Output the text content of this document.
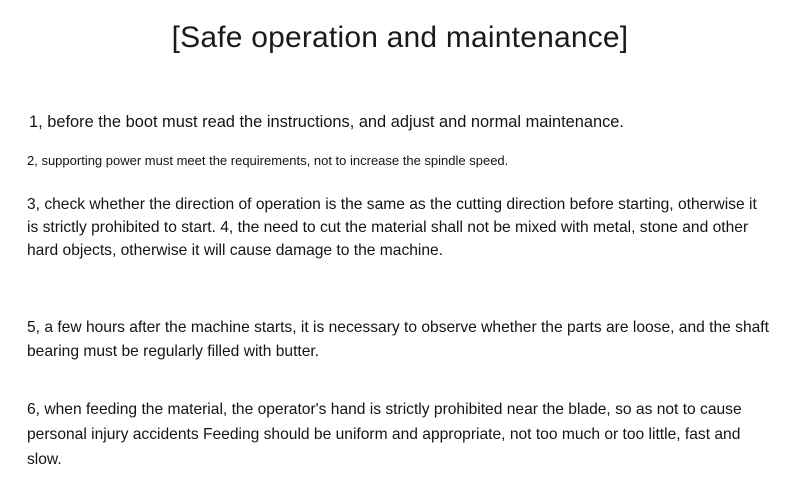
[Safe operation and maintenance]

1, before the boot must read the instructions, and adjust and normal maintenance.

2, supporting power must meet the requirements, not to increase the spindle speed.

3, check whether the direction of operation is the same as the cutting direction before starting, otherwise it is strictly prohibited to start. 4, the need to cut the material shall not be mixed with metal, stone and other hard objects, otherwise it will cause damage to the machine.

5, a few hours after the machine starts, it is necessary to observe whether the parts are loose, and the shaft bearing must be regularly filled with butter.

6, when feeding the material, the operator's hand is strictly prohibited near the blade, so as not to cause personal injury accidents Feeding should be uniform and appropriate, not too much or too little, fast and slow.
